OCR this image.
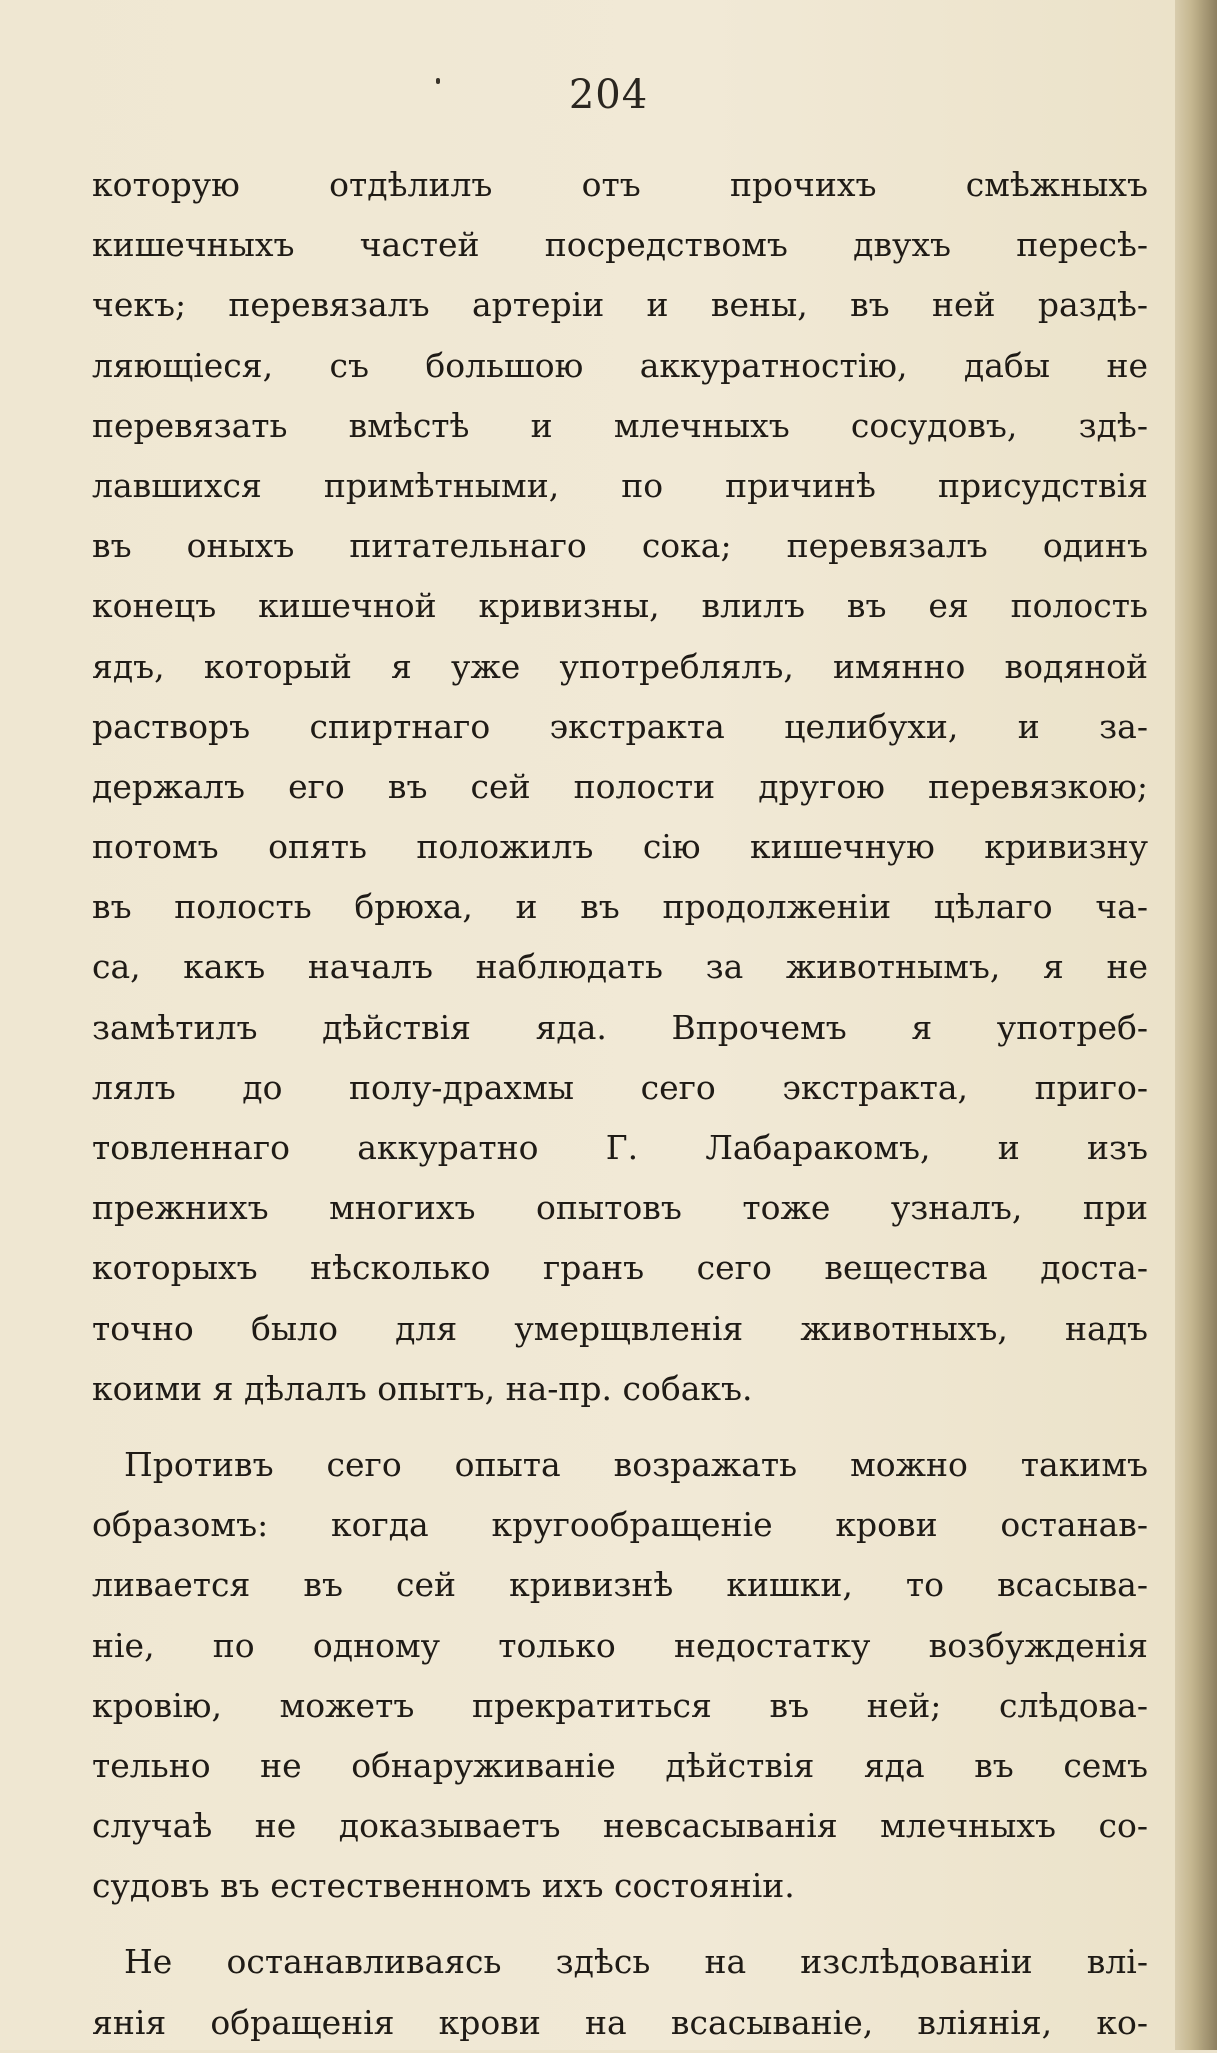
204
которую отдѣлилъ отъ прочихъ смѣжныхъ
кишечныхъ частей посредствомъ двухъ пересѣ-
чекъ; перевязалъ артеріи и вены, въ ней раздѣ-
ляющіеся, съ большою аккуратностію, дабы не
перевязать вмѣстѣ и млечныхъ сосудовъ, здѣ-
лавшихся примѣтными, по причинѣ присудствія
въ оныхъ питательнаго сока; перевязалъ одинъ
конецъ кишечной кривизны, влилъ въ ея полость
ядъ, который я уже употреблялъ, имянно водяной
растворъ спиртнаго экстракта целибухи, и за-
держалъ его въ сей полости другою перевязкою;
потомъ опять положилъ сію кишечную кривизну
въ полость брюха, и въ продолженіи цѣлаго ча-
са, какъ началъ наблюдать за животнымъ, я не
замѣтилъ дѣйствія яда. Впрочемъ я употреб-
лялъ до полу-драхмы сего экстракта, приго-
товленнаго аккуратно Г. Лабаракомъ, и изъ
прежнихъ многихъ опытовъ тоже узналъ, при
которыхъ нѣсколько гранъ сего вещества доста-
точно было для умерщвленія животныхъ, надъ
коими я дѣлалъ опытъ, на-пр. собакъ.
Противъ сего опыта возражать можно такимъ
образомъ: когда кругообращеніе крови останав-
ливается въ сей кривизнѣ кишки, то всасыва-
ніе, по одному только недостатку возбужденія
кровію, можетъ прекратиться въ ней; слѣдова-
тельно не обнаруживаніе дѣйствія яда въ семъ
случаѣ не доказываетъ невсасыванія млечныхъ со-
судовъ въ естественномъ ихъ состояніи.
Не останавливаясь здѣсь на изслѣдованіи влі-
янія обращенія крови на всасываніе, вліянія, ко-
